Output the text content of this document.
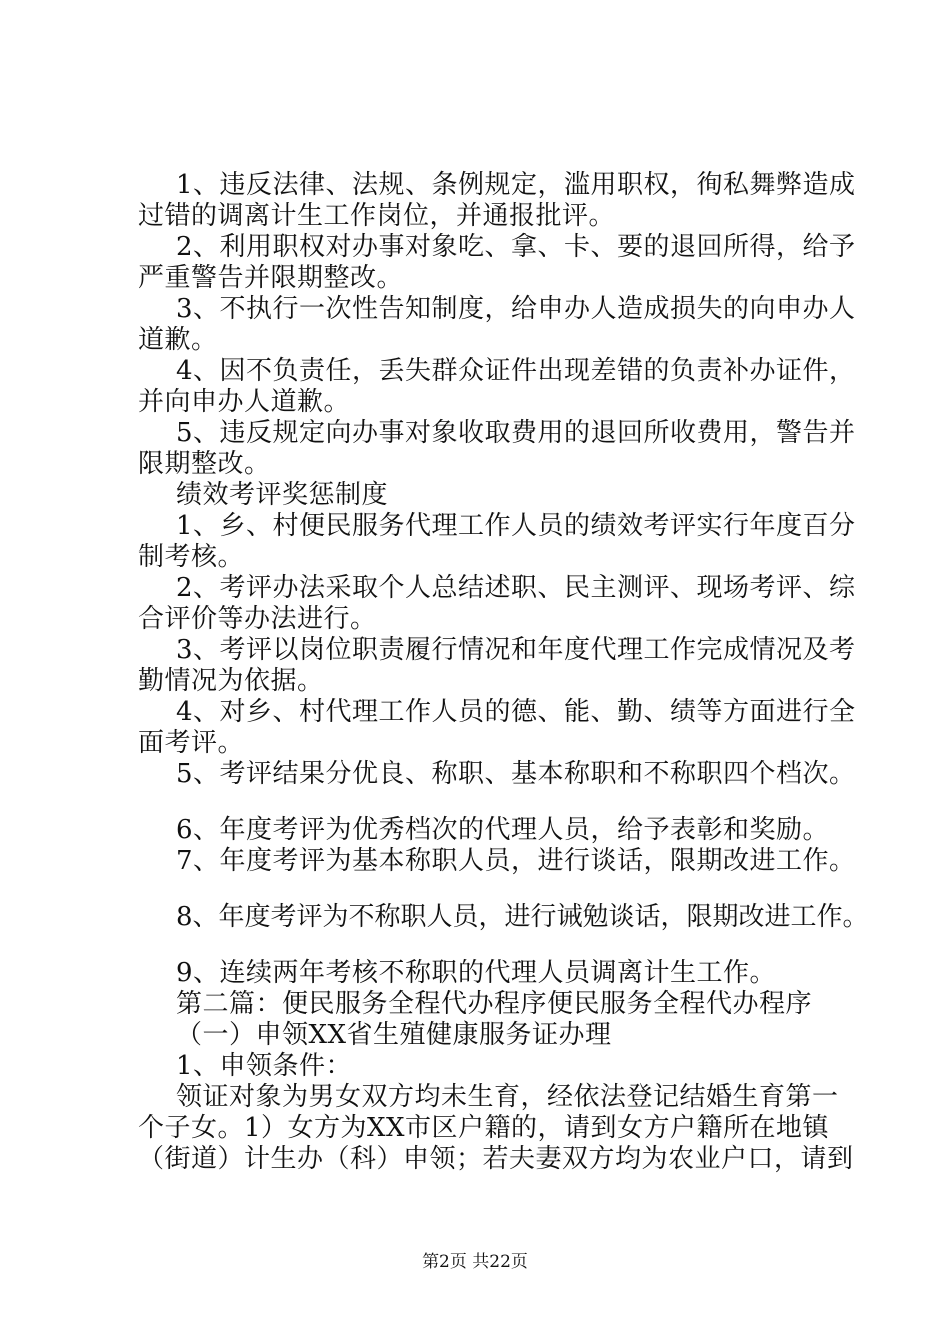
1、违反法律、法规、条例规定，滥用职权，徇私舞弊造成
过错的调离计生工作岗位，并通报批评。
2、利用职权对办事对象吃、拿、卡、要的退回所得，给予
严重警告并限期整改。
3、不执行一次性告知制度，给申办人造成损失的向申办人
道歉。
4、因不负责任，丢失群众证件出现差错的负责补办证件，
并向申办人道歉。
5、违反规定向办事对象收取费用的退回所收费用，警告并
限期整改。
绩效考评奖惩制度
1、乡、村便民服务代理工作人员的绩效考评实行年度百分
制考核。
2、考评办法采取个人总结述职、民主测评、现场考评、综
合评价等办法进行。
3、考评以岗位职责履行情况和年度代理工作完成情况及考
勤情况为依据。
4、对乡、村代理工作人员的德、能、勤、绩等方面进行全
面考评。
5、考评结果分优良、称职、基本称职和不称职四个档次。
6、年度考评为优秀档次的代理人员，给予表彰和奖励。
7、年度考评为基本称职人员，进行谈话，限期改进工作。
8、年度考评为不称职人员，进行诫勉谈话，限期改进工作。
9、连续两年考核不称职的代理人员调离计生工作。
第二篇：便民服务全程代办程序便民服务全程代办程序
（一）申领XX省生殖健康服务证办理
1、申领条件：
领证对象为男女双方均未生育，经依法登记结婚生育第一
个子女。1）女方为XX市区户籍的，请到女方户籍所在地镇
（街道）计生办（科）申领；若夫妻双方均为农业户口，请到
第2页 共22页
